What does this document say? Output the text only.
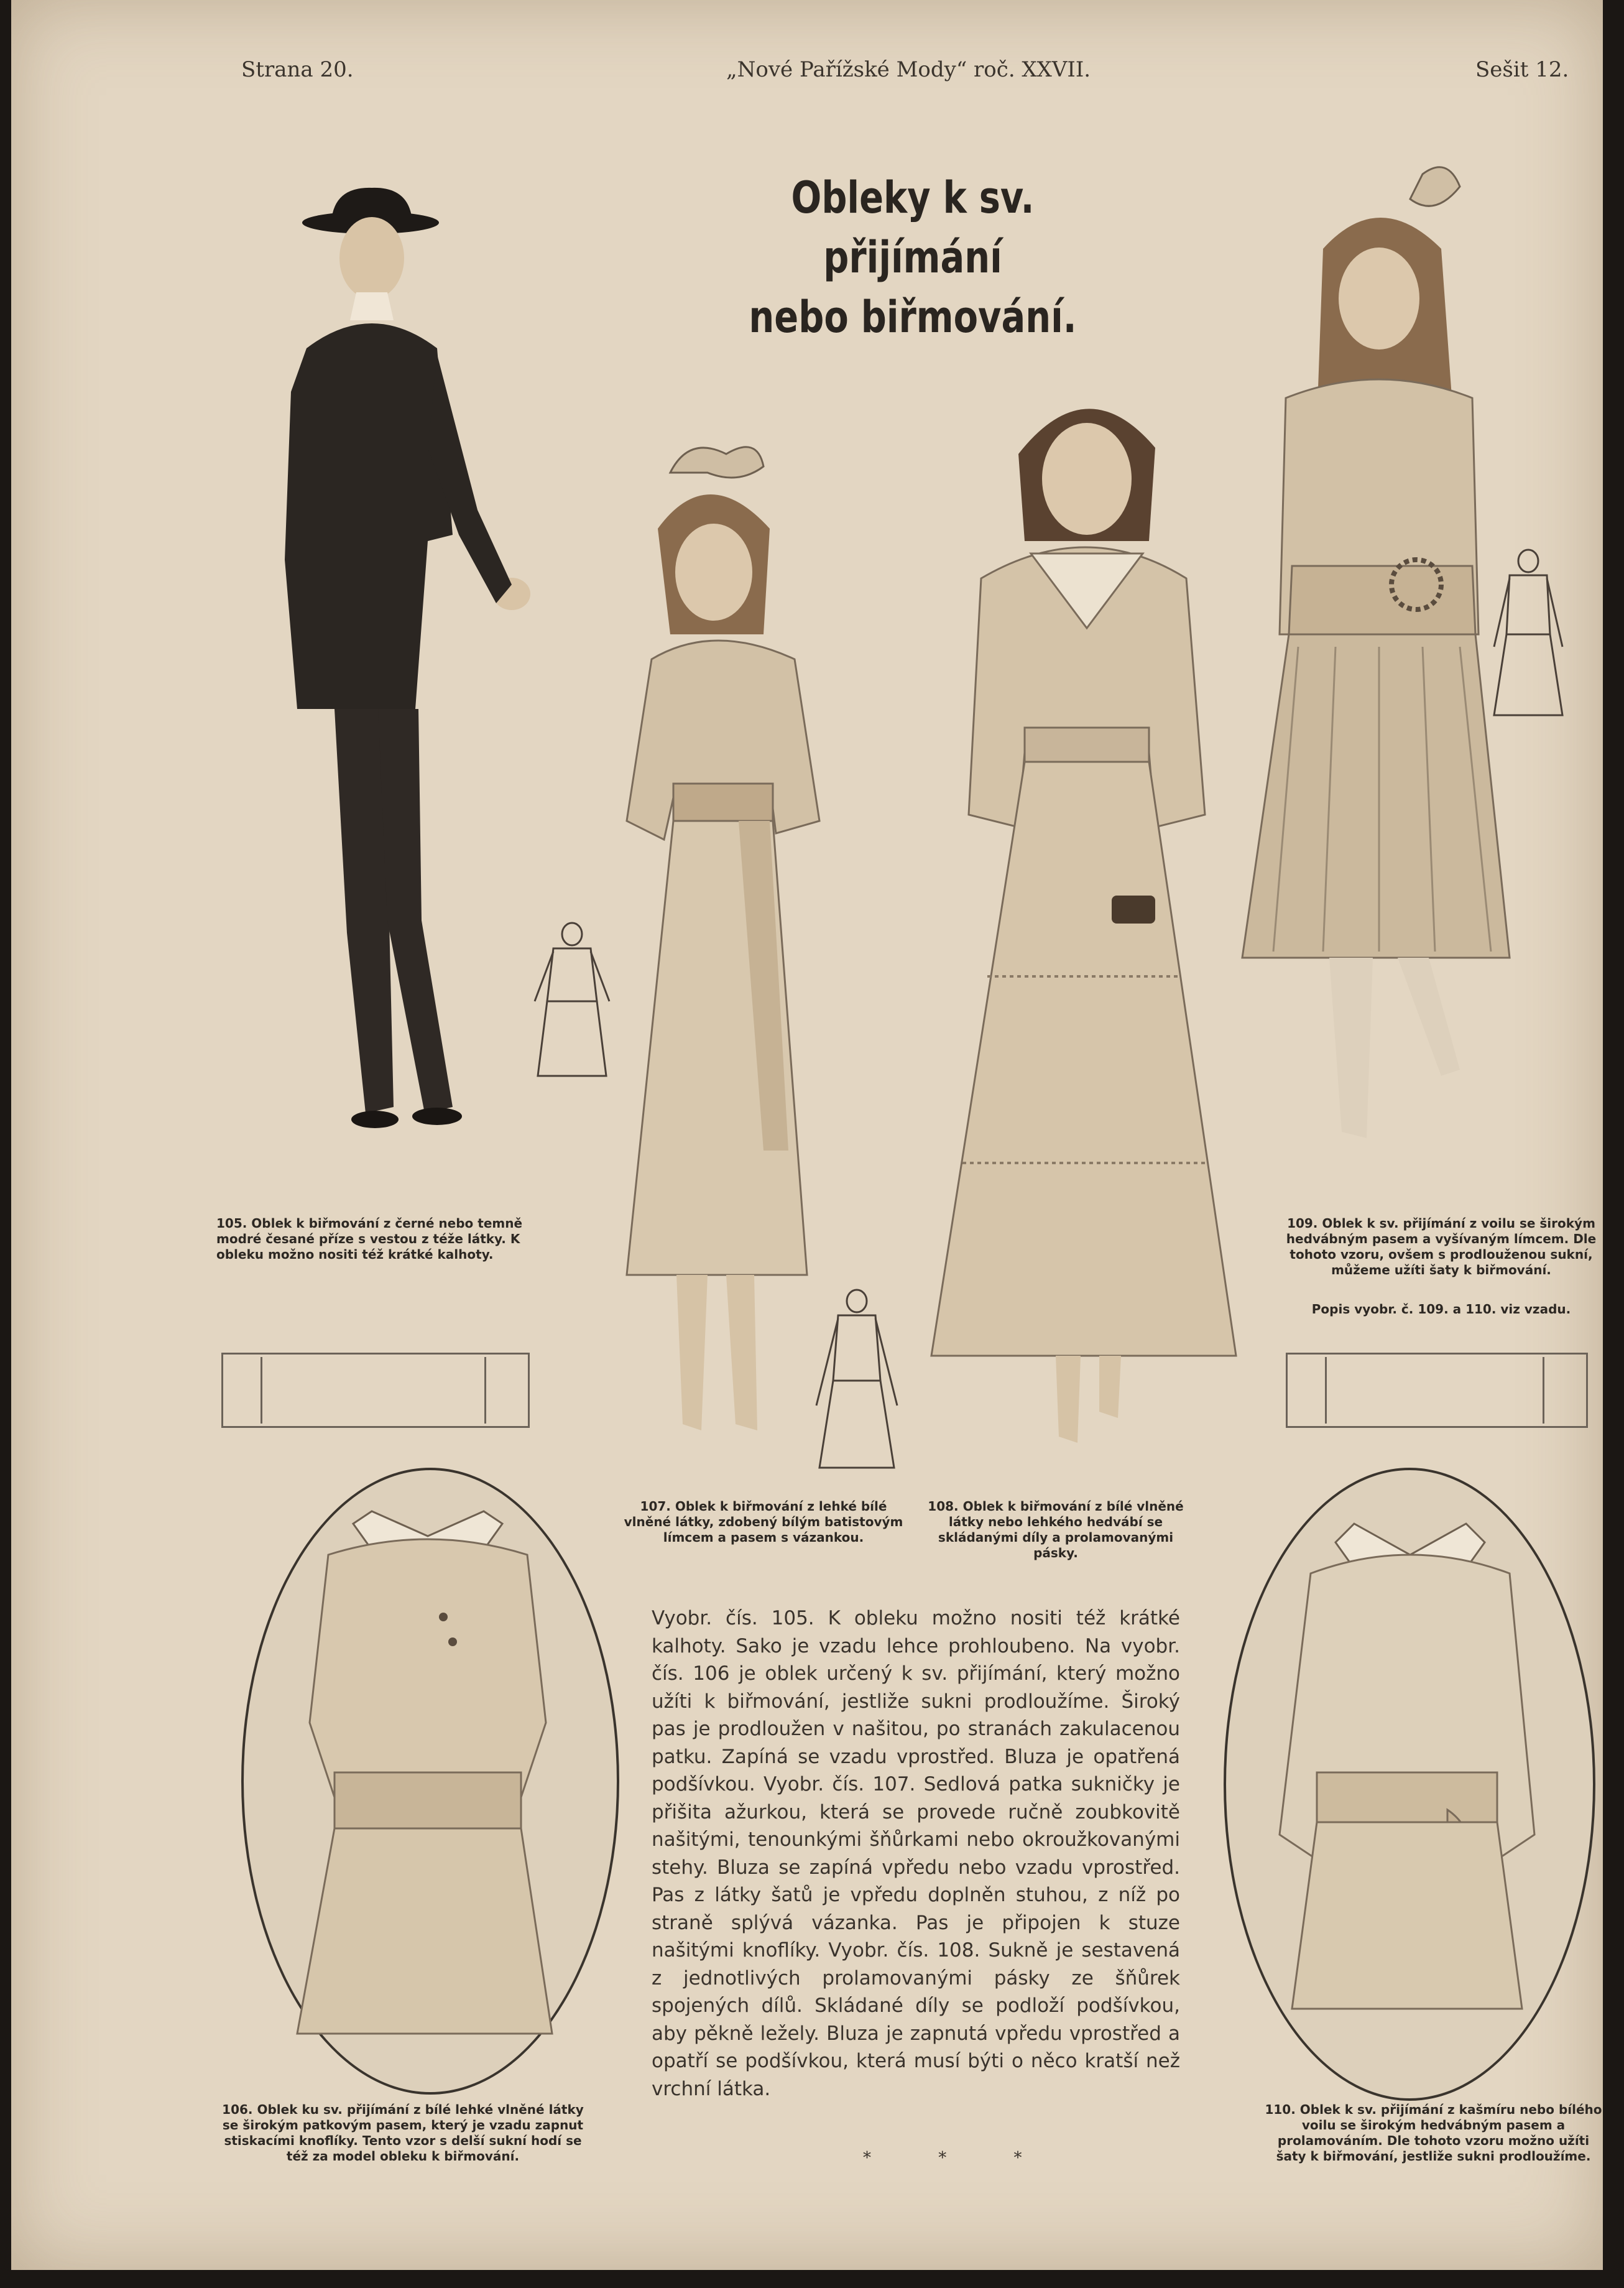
Strana 20.	„Nové Pařížské Mody“ roč. XXVII.	Sešit 12.
Obleky k sv. přijímání
nebo biřmování.
105. Oblek k biřmování z černé nebo temně modré česané příze s vestou z téže látky. K obleku možno nositi též krátké kalhoty.
107. Oblek k biřmování z lehké bílé vlněné látky, zdobený bílým batistovým límcem a pasem s vázankou.
108. Oblek k biřmování z bílé vlněné látky nebo lehkého hedvábí se skládanými díly a prolamovanými pásky.
109. Oblek k sv. přijímání z voilu se širokým hedvábným pasem a vyšívaným límcem. Dle tohoto vzoru, ovšem s prodlouženou sukní, můžeme užíti šaty k biřmování.
Popis vyobr. č. 109. a 110. viz vzadu.
106. Oblek ku sv. přijímání z bílé lehké vlněné látky se širokým patkovým pasem, který je vzadu zapnut stiskacími knoflíky. Tento vzor s delší sukní hodí se též za model obleku k biřmování.
110. Oblek k sv. přijímání z kašmíru nebo bílého voilu se širokým hedvábným pasem a prolamováním. Dle tohoto vzoru možno užíti šaty k biřmování, jestliže sukni prodloužíme.
Vyobr. čís. 105. K obleku možno nositi též krátké kalhoty. Sako je vzadu lehce prohloubeno. Na vyobr. čís. 106 je oblek určený k sv. přijímání, který možno užíti k biřmování, jestliže sukni prodloužíme. Široký pas je prodloužen v našitou, po stranách zakulacenou patku. Zapíná se vzadu vprostřed. Bluza je opatřená podšívkou. Vyobr. čís. 107. Sedlová patka sukničky je přišita ažurkou, která se provede ručně zoubkovitě našitými, tenounkými šňůrkami nebo okroužkovanými stehy. Bluza se zapíná vpředu nebo vzadu vprostřed. Pas z látky šatů je vpředu doplněn stuhou, z níž po straně splývá vázanka. Pas je připojen k stuze našitými knoflíky. Vyobr. čís. 108. Sukně je sestavená z jednotlivých prolamovanými pásky ze šňůrek spojených dílů. Skládané díly se podloží podšívkou, aby pěkně ležely. Bluza je zapnutá vpředu vprostřed a opatří se podšívkou, která musí býti o něco kratší než vrchní látka.
* * *
